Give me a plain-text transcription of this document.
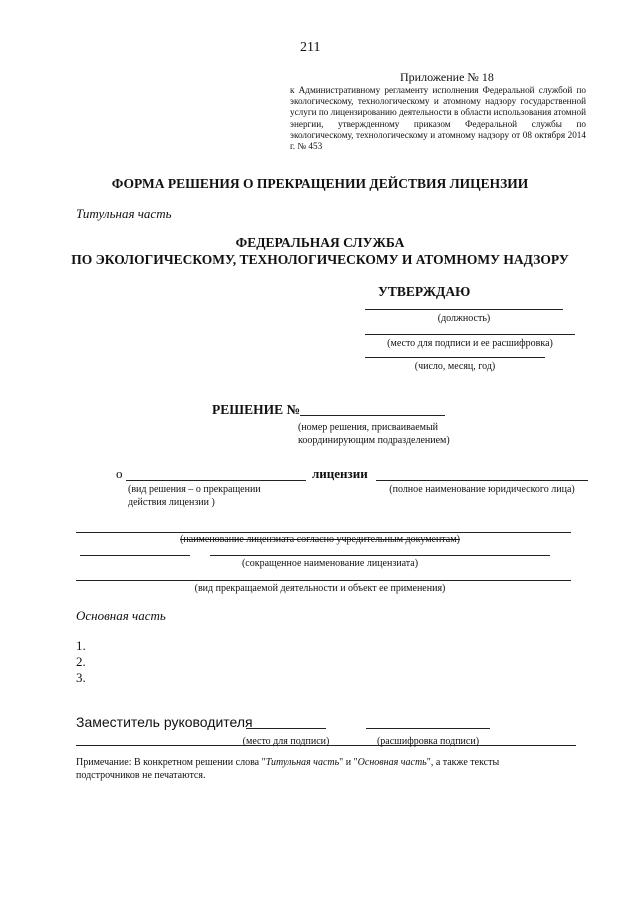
211
Приложение № 18
к Административному регламенту исполнения Федеральной службой по экологическому, технологическому и атомному надзору государственной услуги по лицензированию деятельности в области использования атомной энергии, утвержденному приказом Федеральной службы по экологическому, технологическому и атомному надзору от 08 октября 2014 г. № 453
ФОРМА РЕШЕНИЯ О ПРЕКРАЩЕНИИ ДЕЙСТВИЯ ЛИЦЕНЗИИ
Титульная часть
ФЕДЕРАЛЬНАЯ СЛУЖБА
ПО ЭКОЛОГИЧЕСКОМУ, ТЕХНОЛОГИЧЕСКОМУ И АТОМНОМУ НАДЗОРУ
УТВЕРЖДАЮ
(должность)
(место для подписи и ее расшифровка)
(число, месяц, год)
РЕШЕНИЕ №
(номер решения, присваиваемый
координирующим подразделением)
о	лицензии
(вид решения – о прекращении
действия лицензии )
(полное наименование юридического лица)
(наименование лицензиата согласно учредительным документам)
(сокращенное наименование лицензиата)
(вид прекращаемой деятельности и объект ее применения)
Основная часть
1.
2.
3.
Заместитель руководителя
(место для подписи)	(расшифровка подписи)
Примечание: В конкретном решении слова "Титульная часть" и "Основная часть", а также тексты подстрочников не печатаются.
